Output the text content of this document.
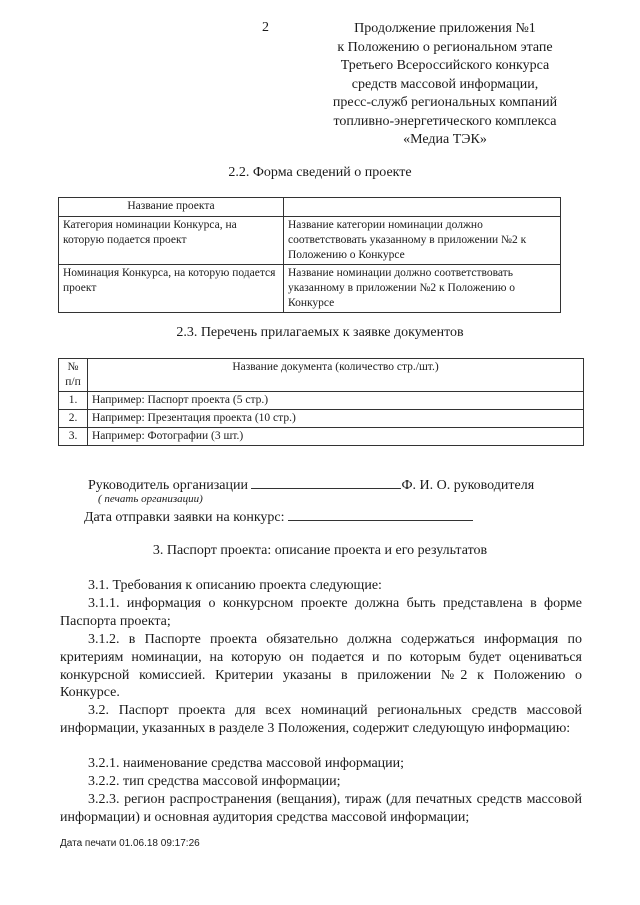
2	Продолжение приложения №1
к Положению о региональном этапе
Третьего Всероссийского конкурса
средств массовой информации,
пресс-служб региональных компаний
топливно-энергетического комплекса
«Медиа ТЭК»
2.2. Форма сведений о проекте
Название проекта	
Категория номинации Конкурса, на которую подается проект	Название категории номинации должно соответствовать указанному в приложении №2 к Положению о Конкурсе
Номинация Конкурса, на которую подается проект	Название номинации должно соответствовать указанному в приложении №2 к Положению о Конкурсе
2.3. Перечень прилагаемых к заявке документов
№ п/п	Название документа (количество стр./шт.)
1.	Например: Паспорт проекта (5 стр.)
2.	Например: Презентация проекта (10 стр.)
3.	Например: Фотографии (3 шт.)
Руководитель организации	Ф. И. О. руководителя
( печать организации)
Дата отправки заявки на конкурс:
3. Паспорт проекта: описание проекта и его результатов
3.1. Требования к описанию проекта следующие:
3.1.1. информация о конкурсном проекте должна быть представлена в форме Паспорта проекта;
3.1.2. в Паспорте проекта обязательно должна содержаться информация по критериям номинации, на которую он подается и по которым будет оцениваться конкурсной комиссией. Критерии указаны в приложении №2 к Положению о Конкурсе.
3.2. Паспорт проекта для всех номинаций региональных средств массовой информации, указанных в разделе 3 Положения, содержит следующую информацию:
3.2.1. наименование средства массовой информации;
3.2.2. тип средства массовой информации;
3.2.3. регион распространения (вещания), тираж (для печатных средств массовой информации) и основная аудитория средства массовой информации;
Дата печати 01.06.18 09:17:26
